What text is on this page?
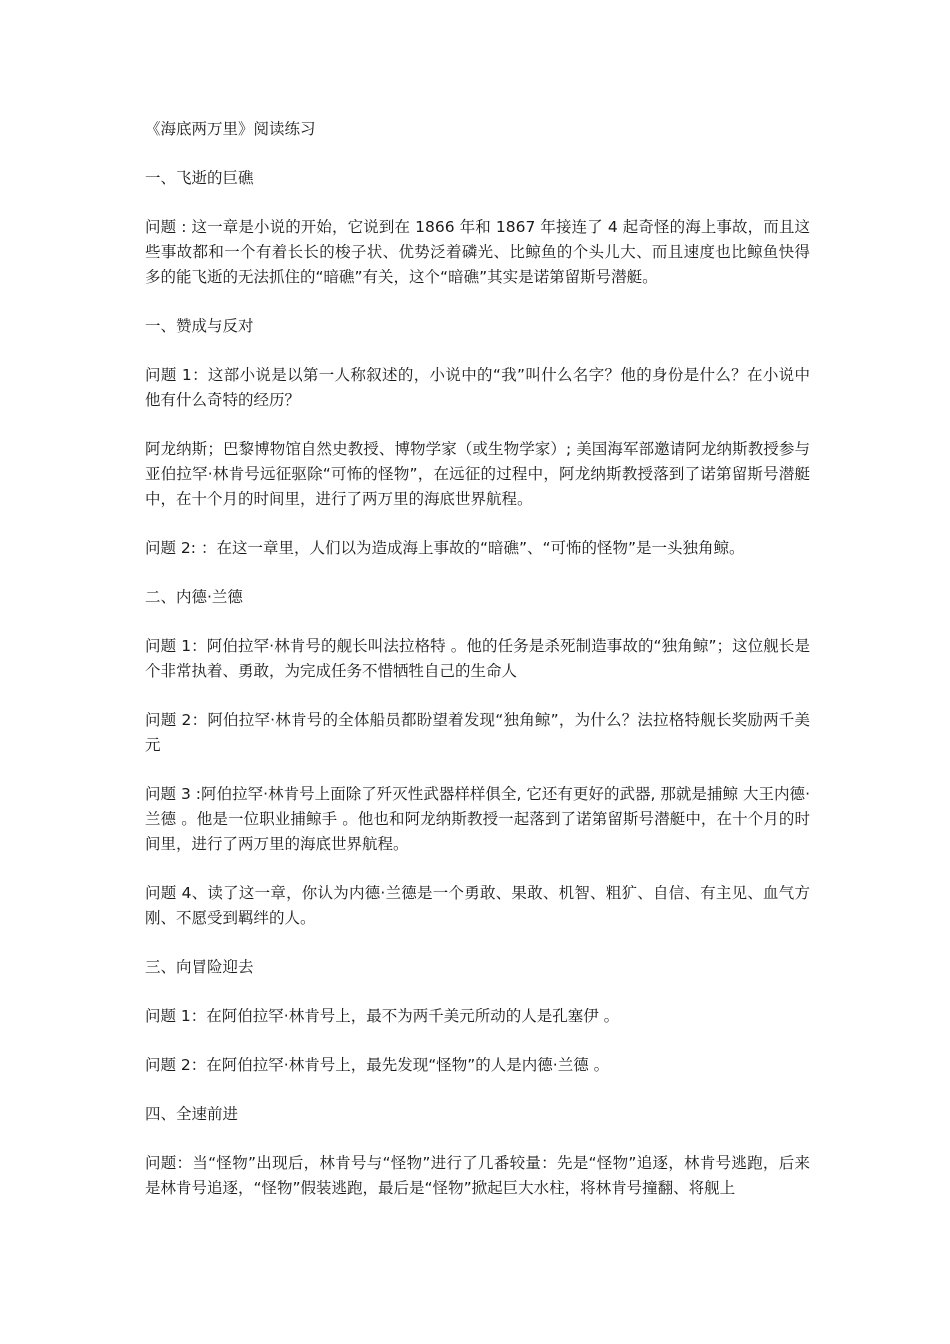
《海底两万里》阅读练习

一、飞逝的巨礁

问题 : 这一章是小说的开始，它说到在 1866 年和 1867 年接连了 4 起奇怪的海上事故，而且这些事故都和一个有着长长的梭子状、优势泛着磷光、比鲸鱼的个头儿大、而且速度也比鲸鱼快得多的能飞逝的无法抓住的“暗礁”有关，这个“暗礁”其实是诺第留斯号潜艇。

一、赞成与反对

问题 1：这部小说是以第一人称叙述的，小说中的“我”叫什么名字？他的身份是什么？在小说中他有什么奇特的经历？

阿龙纳斯；巴黎博物馆自然史教授、博物学家（或生物学家）; 美国海军部邀请阿龙纳斯教授参与亚伯拉罕·林肯号远征驱除“可怖的怪物”，在远征的过程中，阿龙纳斯教授落到了诺第留斯号潜艇中，在十个月的时间里，进行了两万里的海底世界航程。

问题 2: ：在这一章里，人们以为造成海上事故的“暗礁”、“可怖的怪物”是一头独角鲸。

二、内德·兰德

问题 1：阿伯拉罕·林肯号的舰长叫法拉格特 。他的任务是杀死制造事故的“独角鲸”；这位舰长是个非常执着、勇敢，为完成任务不惜牺牲自己的生命人

问题 2：阿伯拉罕·林肯号的全体船员都盼望着发现“独角鲸”，为什么？法拉格特舰长奖励两千美元

问题 3 :阿伯拉罕·林肯号上面除了歼灭性武器样样俱全, 它还有更好的武器, 那就是捕鲸 大王内德·兰德 。他是一位职业捕鲸手 。他也和阿龙纳斯教授一起落到了诺第留斯号潜艇中，在十个月的时间里，进行了两万里的海底世界航程。

问题 4、读了这一章，你认为内德·兰德是一个勇敢、果敢、机智、粗犷、自信、有主见、血气方刚、不愿受到羁绊的人。

三、向冒险迎去

问题 1：在阿伯拉罕·林肯号上，最不为两千美元所动的人是孔塞伊 。

问题 2：在阿伯拉罕·林肯号上，最先发现“怪物”的人是内德·兰德 。

四、全速前进

问题：当“怪物”出现后，林肯号与“怪物”进行了几番较量：先是“怪物”追逐，林肯号逃跑，后来是林肯号追逐，“怪物”假装逃跑，最后是“怪物”掀起巨大水柱，将林肯号撞翻、将舰上
